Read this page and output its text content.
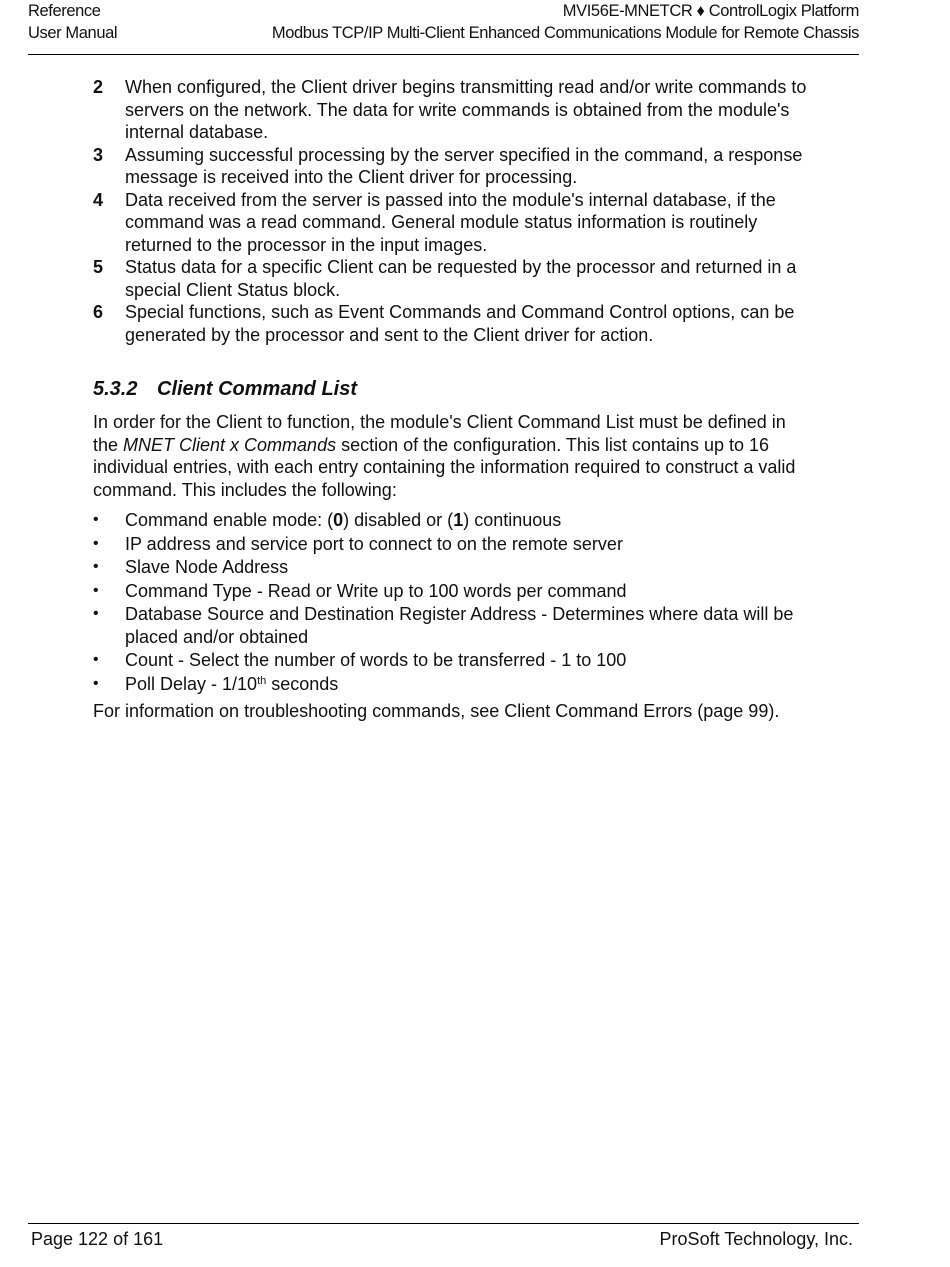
Reference	MVI56E-MNETCR ♦ ControlLogix Platform
User Manual	Modbus TCP/IP Multi-Client Enhanced Communications Module for Remote Chassis
2	When configured, the Client driver begins transmitting read and/or write commands to servers on the network. The data for write commands is obtained from the module's internal database.
3	Assuming successful processing by the server specified in the command, a response message is received into the Client driver for processing.
4	Data received from the server is passed into the module's internal database, if the command was a read command. General module status information is routinely returned to the processor in the input images.
5	Status data for a specific Client can be requested by the processor and returned in a special Client Status block.
6	Special functions, such as Event Commands and Command Control options, can be generated by the processor and sent to the Client driver for action.
5.3.2 Client Command List

In order for the Client to function, the module's Client Command List must be defined in the MNET Client x Commands section of the configuration. This list contains up to 16 individual entries, with each entry containing the information required to construct a valid command. This includes the following:

•	Command enable mode: (0) disabled or (1) continuous
•	IP address and service port to connect to on the remote server
•	Slave Node Address
•	Command Type - Read or Write up to 100 words per command
•	Database Source and Destination Register Address - Determines where data will be placed and/or obtained
•	Count - Select the number of words to be transferred - 1 to 100
•	Poll Delay - 1/10th seconds

For information on troubleshooting commands, see Client Command Errors (page 99).

Page 122 of 161	ProSoft Technology, Inc.
